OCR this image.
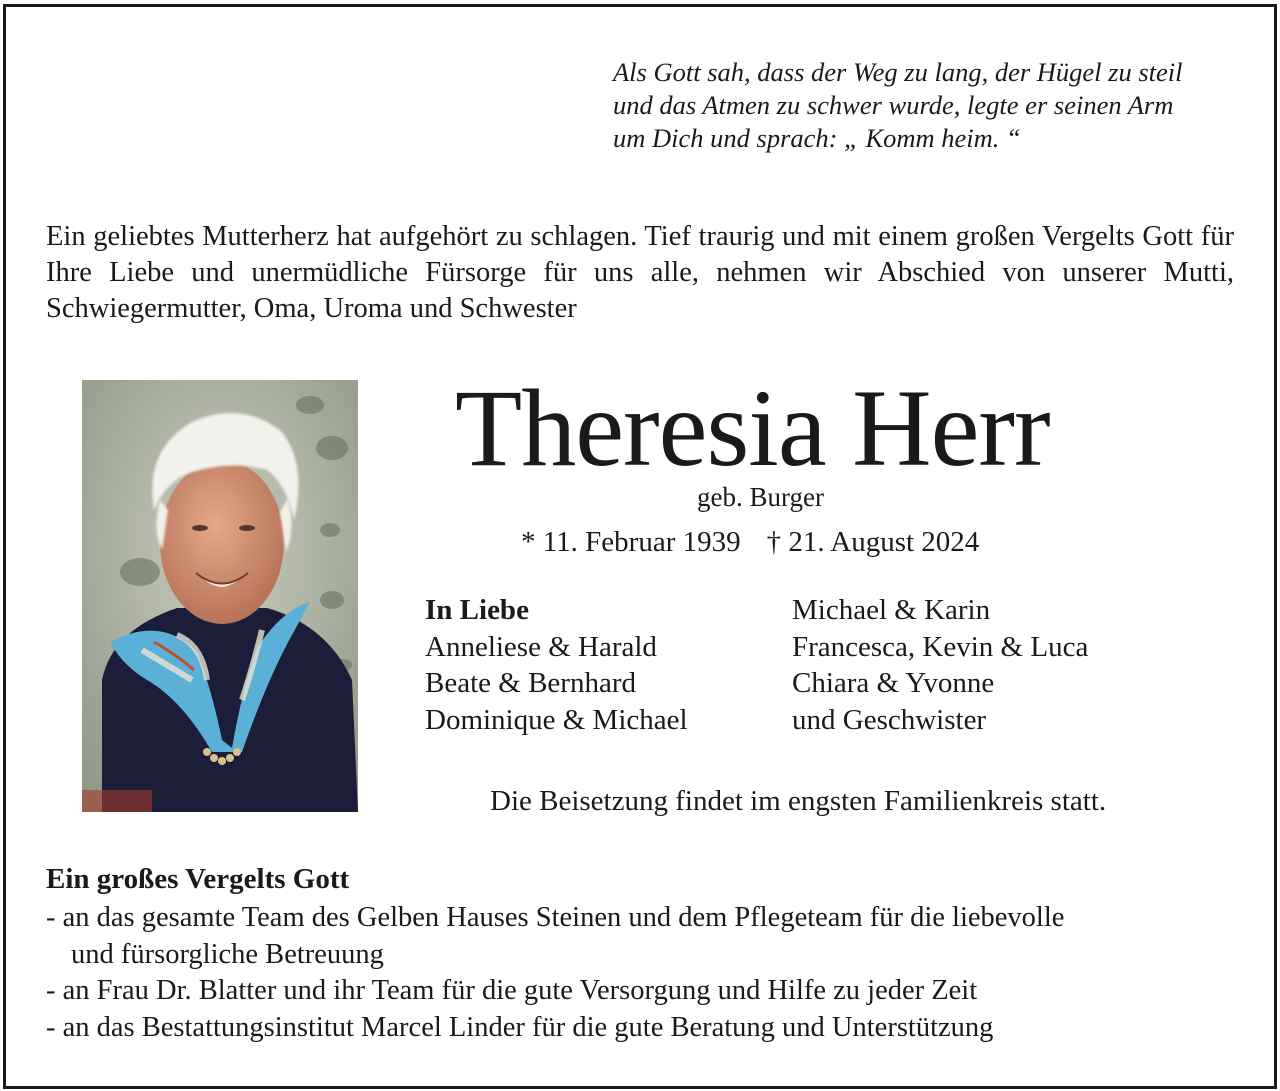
Als Gott sah, dass der Weg zu lang, der Hügel zu steil
und das Atmen zu schwer wurde, legte er seinen Arm
um Dich und sprach: „ Komm heim. “
Ein geliebtes Mutterherz hat aufgehört zu schlagen. Tief traurig und mit einem großen Vergelts Gott für Ihre Liebe und unermüdliche Fürsorge für uns alle, nehmen wir Abschied von unserer Mutti, Schwiegermutter, Oma, Uroma und Schwester
Theresia Herr
geb. Burger
* 11. Februar 1939 † 21. August 2024
In Liebe
Anneliese & Harald
Beate & Bernhard
Dominique & Michael
Michael & Karin
Francesca, Kevin & Luca
Chiara & Yvonne
und Geschwister
Die Beisetzung findet im engsten Familienkreis statt.
Ein großes Vergelts Gott
- an das gesamte Team des Gelben Hauses Steinen und dem Pflegeteam für die liebevolle
und fürsorgliche Betreuung
- an Frau Dr. Blatter und ihr Team für die gute Versorgung und Hilfe zu jeder Zeit
- an das Bestattungsinstitut Marcel Linder für die gute Beratung und Unterstützung
